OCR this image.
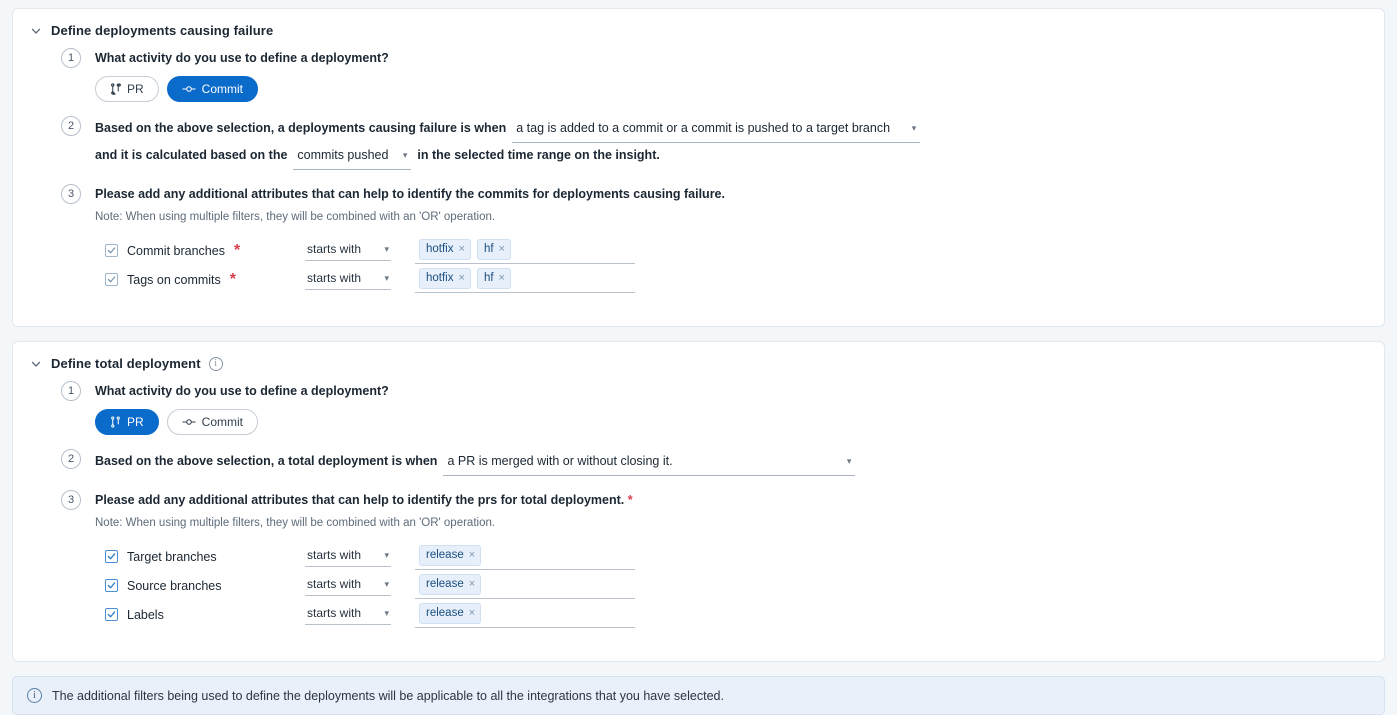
Define deployments causing failure
1	What activity do you use to define a deployment?
PR	Commit
2	Based on the above selection, a deployments causing failure is when a tag is added to a commit or a commit is pushed to a target branch ▾
and it is calculated based on the commits pushed ▾ in the selected time range on the insight.
3	Please add any additional attributes that can help to identify the commits for deployments causing failure.
Note: When using multiple filters, they will be combined with an 'OR' operation.
Commit branches *	starts with	▾	hotfix × hf ×
Tags on commits *	starts with	▾	hotfix × hf ×
Define total deployment	i
1	What activity do you use to define a deployment?
PR	Commit
2	Based on the above selection, a total deployment is when a PR is merged with or without closing it.	▾
3	Please add any additional attributes that can help to identify the prs for total deployment. *
Note: When using multiple filters, they will be combined with an 'OR' operation.
Target branches	starts with	▾	release ×
Source branches	starts with	▾	release ×
Labels	starts with	▾	release ×
i	The additional filters being used to define the deployments will be applicable to all the integrations that you have selected.
